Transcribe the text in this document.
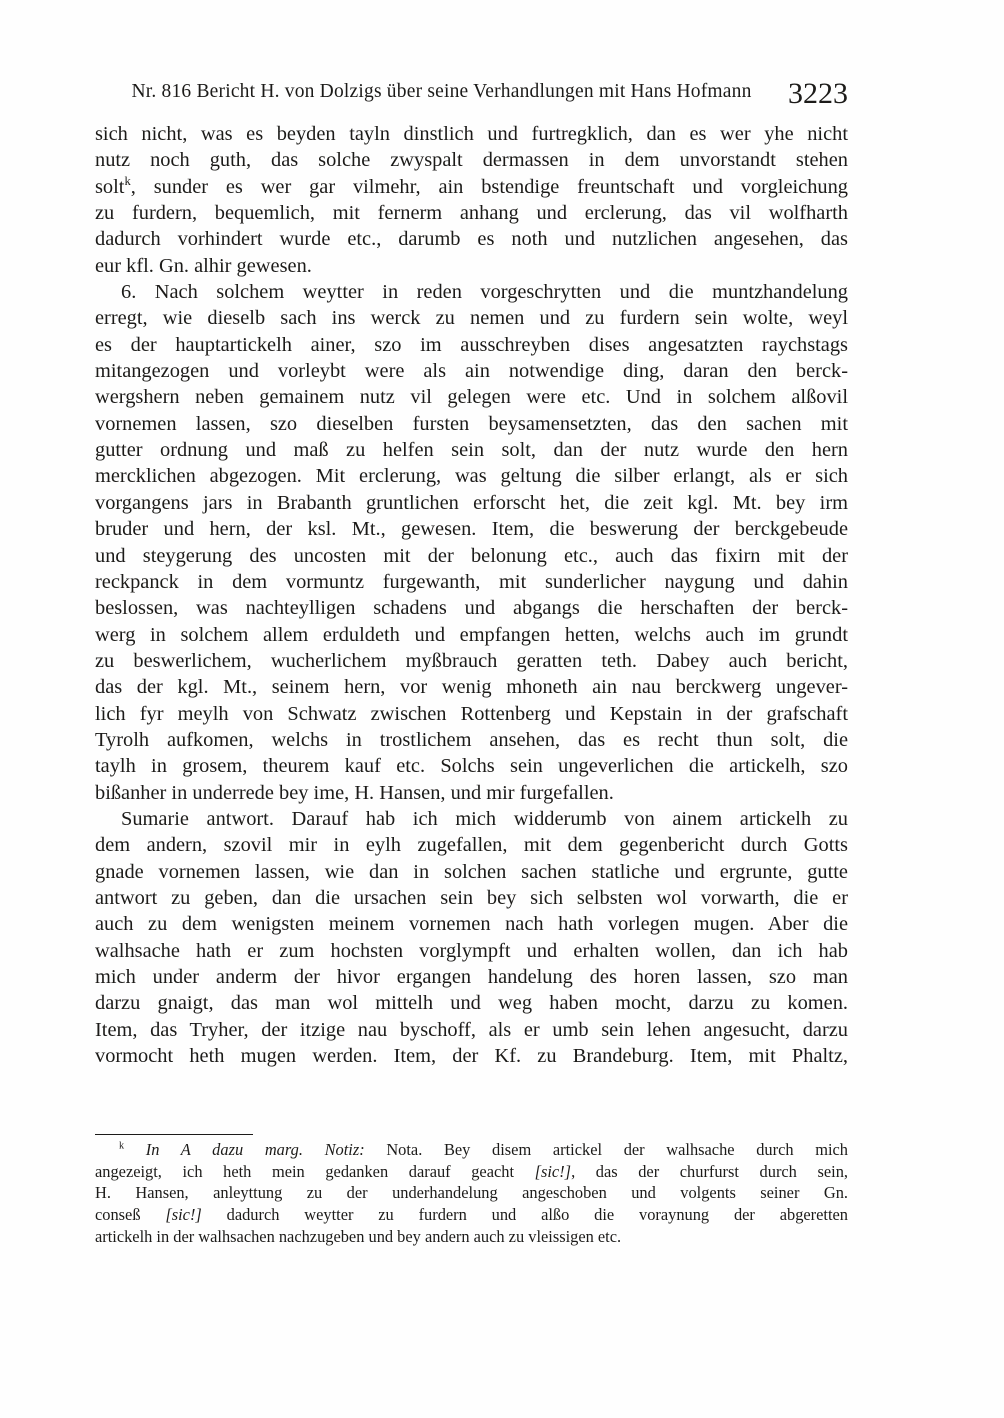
Nr. 816 Bericht H. von Dolzigs über seine Verhandlungen mit Hans Hofmann	3223
sich nicht, was es beyden tayln dinstlich und furtregklich, dan es wer yhe nicht
nutz noch guth, das solche zwyspalt dermassen in dem unvorstandt stehen
solt$^k$, sunder es wer gar vilmehr, ain bstendige freuntschaft und vorgleichung
zu furdern, bequemlich, mit fernerm anhang und erclerung, das vil wolfharth
dadurch vorhindert wurde etc., darumb es noth und nutzlichen angesehen, das
eur kfl. Gn. alhir gewesen.
6. Nach solchem weytter in reden vorgeschrytten und die muntzhandelung
erregt, wie dieselb sach ins werck zu nemen und zu furdern sein wolte, weyl
es der hauptartickelh ainer, szo im ausschreyben dises angesatzten raychstags
mitangezogen und vorleybt were als ain notwendige ding, daran den berck-
wergshern neben gemainem nutz vil gelegen were etc. Und in solchem alßovil
vornemen lassen, szo dieselben fursten beysamensetzten, das den sachen mit
gutter ordnung und maß zu helfen sein solt, dan der nutz wurde den hern
mercklichen abgezogen. Mit erclerung, was geltung die silber erlangt, als er sich
vorgangens jars in Brabanth gruntlichen erforscht het, die zeit kgl. Mt. bey irm
bruder und hern, der ksl. Mt., gewesen. Item, die beswerung der berckgebeude
und steygerung des uncosten mit der belonung etc., auch das fixirn mit der
reckpanck in dem vormuntz furgewanth, mit sunderlicher naygung und dahin
beslossen, was nachteylligen schadens und abgangs die herschaften der berck-
werg in solchem allem erduldeth und empfangen hetten, welchs auch im grundt
zu beswerlichem, wucherlichem myßbrauch geratten teth. Dabey auch bericht,
das der kgl. Mt., seinem hern, vor wenig mhoneth ain nau berckwerg ungever-
lich fyr meylh von Schwatz zwischen Rottenberg und Kepstain in der grafschaft
Tyrolh aufkomen, welchs in trostlichem ansehen, das es recht thun solt, die
taylh in grosem, theurem kauf etc. Solchs sein ungeverlichen die artickelh, szo
bißanher in underrede bey ime, H. Hansen, und mir furgefallen.
Sumarie antwort. Darauf hab ich mich widderumb von ainem artickelh zu
dem andern, szovil mir in eylh zugefallen, mit dem gegenbericht durch Gotts
gnade vornemen lassen, wie dan in solchen sachen statliche und ergrunte, gutte
antwort zu geben, dan die ursachen sein bey sich selbsten wol vorwarth, die er
auch zu dem wenigsten meinem vornemen nach hath vorlegen mugen. Aber die
walhsache hath er zum hochsten vorglympft und erhalten wollen, dan ich hab
mich under anderm der hivor ergangen handelung des horen lassen, szo man
darzu gnaigt, das man wol mittelh und weg haben mocht, darzu zu komen.
Item, das Tryher, der itzige nau byschoff, als er umb sein lehen angesucht, darzu
vormocht heth mugen werden. Item, der Kf. zu Brandeburg. Item, mit Phaltz,
$^k$ In A dazu marg. Notiz: Nota. Bey disem artickel der walhsache durch mich
angezeigt, ich heth mein gedanken darauf geacht [sic!], das der churfurst durch sein,
H. Hansen, anleyttung zu der underhandelung angeschoben und volgents seiner Gn.
conseß [sic!] dadurch weytter zu furdern und alßo die voraynung der abgeretten
artickelh in der walhsachen nachzugeben und bey andern auch zu vleissigen etc.
